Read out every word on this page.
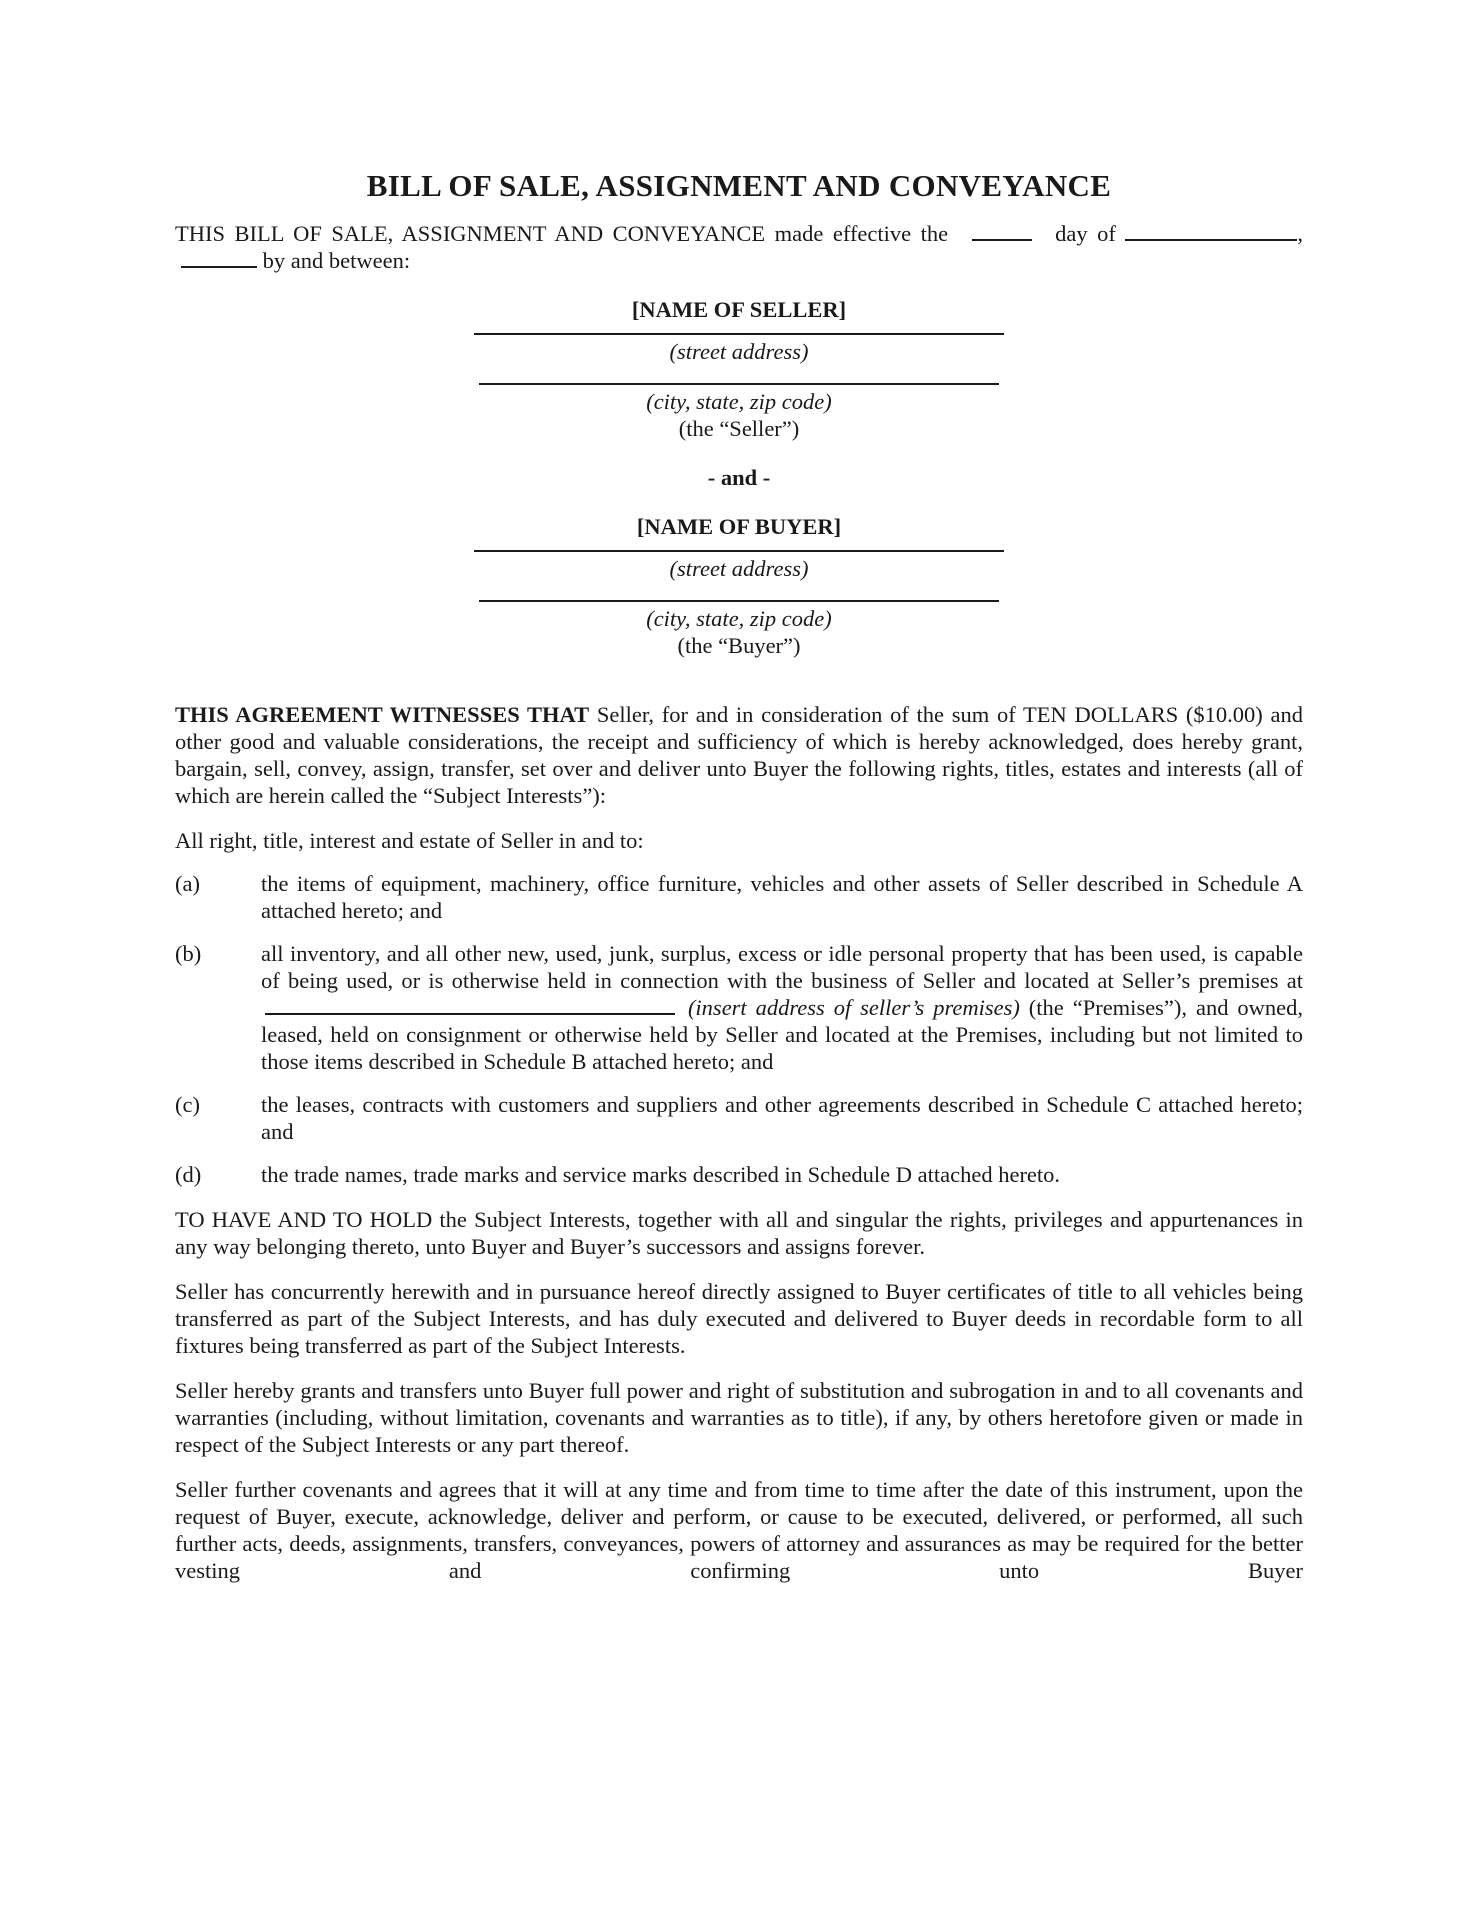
BILL OF SALE, ASSIGNMENT AND CONVEYANCE

THIS BILL OF SALE, ASSIGNMENT AND CONVEYANCE made effective the	day of	,  by and between:

[NAME OF SELLER]
(street address)
(city, state, zip code)
(the “Seller”)
- and -
[NAME OF BUYER]
(street address)
(city, state, zip code)
(the “Buyer”)

THIS AGREEMENT WITNESSES THAT Seller, for and in consideration of the sum of TEN DOLLARS ($10.00) and other good and valuable considerations, the receipt and sufficiency of which is hereby acknowledged, does hereby grant, bargain, sell, convey, assign, transfer, set over and deliver unto Buyer the following rights, titles, estates and interests (all of which are herein called the “Subject Interests”):

All right, title, interest and estate of Seller in and to:

(a)	the items of equipment, machinery, office furniture, vehicles and other assets of Seller described in Schedule A attached hereto; and
(b)	all inventory, and all other new, used, junk, surplus, excess or idle personal property that has been used, is capable of being used, or is otherwise held in connection with the business of Seller and located at Seller’s premises at  (insert address of seller’s premises) (the “Premises”), and owned, leased, held on consignment or otherwise held by Seller and located at the Premises, including but not limited to those items described in Schedule B attached hereto; and
(c)	the leases, contracts with customers and suppliers and other agreements described in Schedule C attached hereto; and
(d)	the trade names, trade marks and service marks described in Schedule D attached hereto.

TO HAVE AND TO HOLD the Subject Interests, together with all and singular the rights, privileges and appurtenances in any way belonging thereto, unto Buyer and Buyer’s successors and assigns forever.

Seller has concurrently herewith and in pursuance hereof directly assigned to Buyer certificates of title to all vehicles being transferred as part of the Subject Interests, and has duly executed and delivered to Buyer deeds in recordable form to all fixtures being transferred as part of the Subject Interests.

Seller hereby grants and transfers unto Buyer full power and right of substitution and subrogation in and to all covenants and warranties (including, without limitation, covenants and warranties as to title), if any, by others heretofore given or made in respect of the Subject Interests or any part thereof.

Seller further covenants and agrees that it will at any time and from time to time after the date of this instrument, upon the request of Buyer, execute, acknowledge, deliver and perform, or cause to be executed, delivered, or performed, all such further acts, deeds, assignments, transfers, conveyances, powers of attorney and assurances as may be required for the better vesting and confirming unto Buyer
